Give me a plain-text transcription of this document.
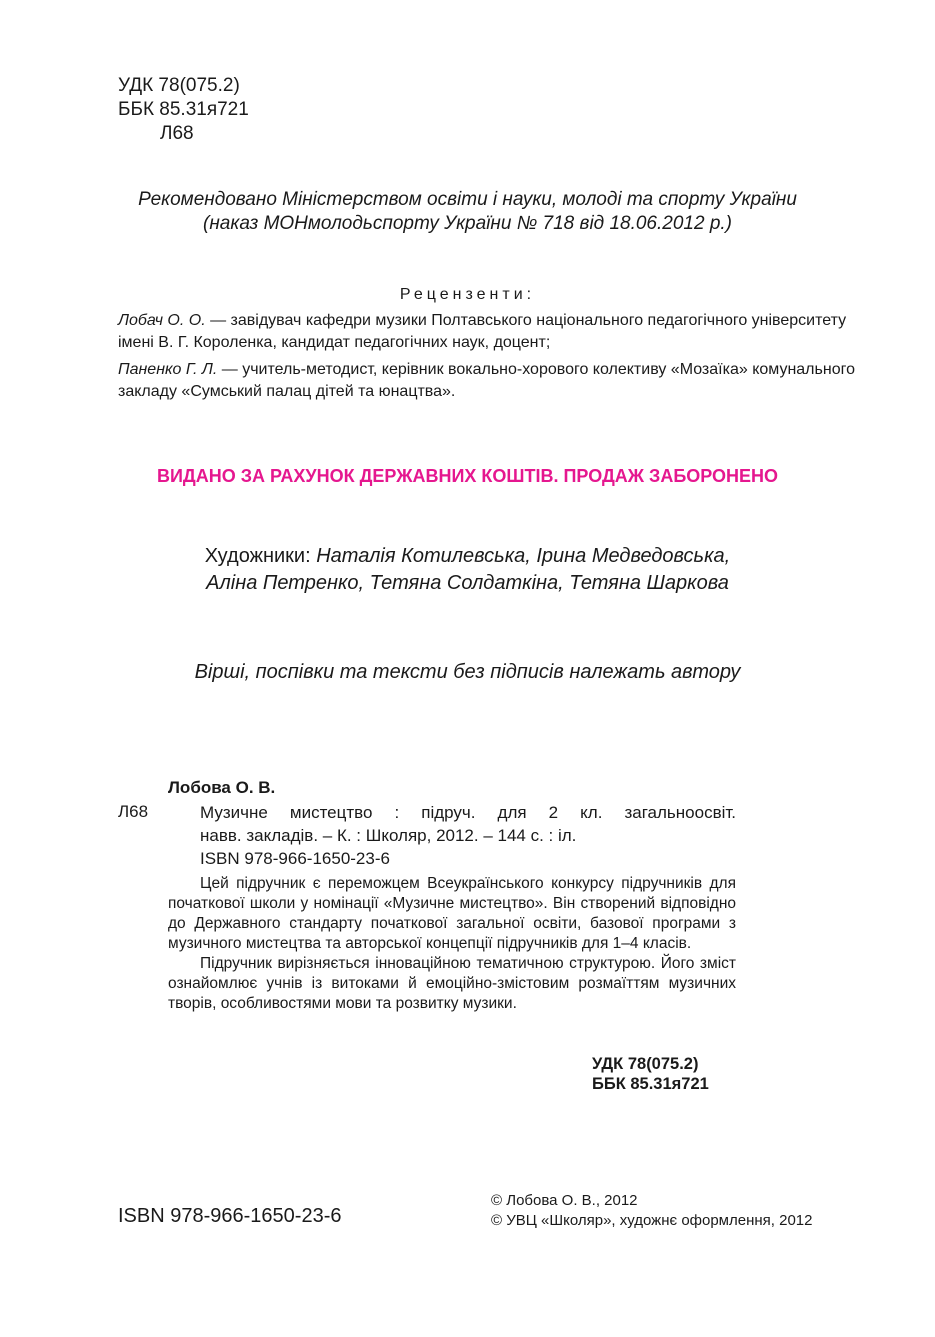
УДК 78(075.2)
ББК 85.31я721
Л68
Рекомендовано Міністерством освіти і науки, молоді та спорту України
(наказ МОНмолодьспорту України № 718 від 18.06.2012 р.)
Рецензенти:
Лобач О. О. — завідувач кафедри музики Полтавського національного педагогічного університету імені В. Г. Короленка, кандидат педагогічних наук, доцент;
Паненко Г. Л. — учитель-методист, керівник вокально-хорового колективу «Мозаїка» комунального закладу «Сумський палац дітей та юнацтва».
ВИДАНО ЗА РАХУНОК ДЕРЖАВНИХ КОШТІВ. ПРОДАЖ ЗАБОРОНЕНО
Художники: Наталія Котилевська, Ірина Медведовська,
Аліна Петренко, Тетяна Солдаткіна, Тетяна Шаркова
Вірші, поспівки та тексти без підписів належать автору
Лобова О. В.
Л68	Музичне мистецтво : підруч. для 2 кл. загальноосвіт.
навв. закладів. – К. : Школяр, 2012. – 144 с. : іл.
ISBN 978-966-1650-23-6

Цей підручник є переможцем Всеукраїнського конкурсу підручників для початкової школи у номінації «Музичне мистецтво». Він створений відповідно до Державного стандарту початкової загальної освіти, базової програми з музичного мистецтва та авторської концепції підручників для 1–4 класів.

Підручник вирізняється інноваційною тематичною структурою. Його зміст ознайомлює учнів із витоками й емоційно-змістовим розмаїттям музичних творів, особливостями мови та розвитку музики.

УДК 78(075.2)
ББК 85.31я721
ISBN 978-966-1650-23-6
© Лобова О. В., 2012
© УВЦ «Школяр», художнє оформлення, 2012
